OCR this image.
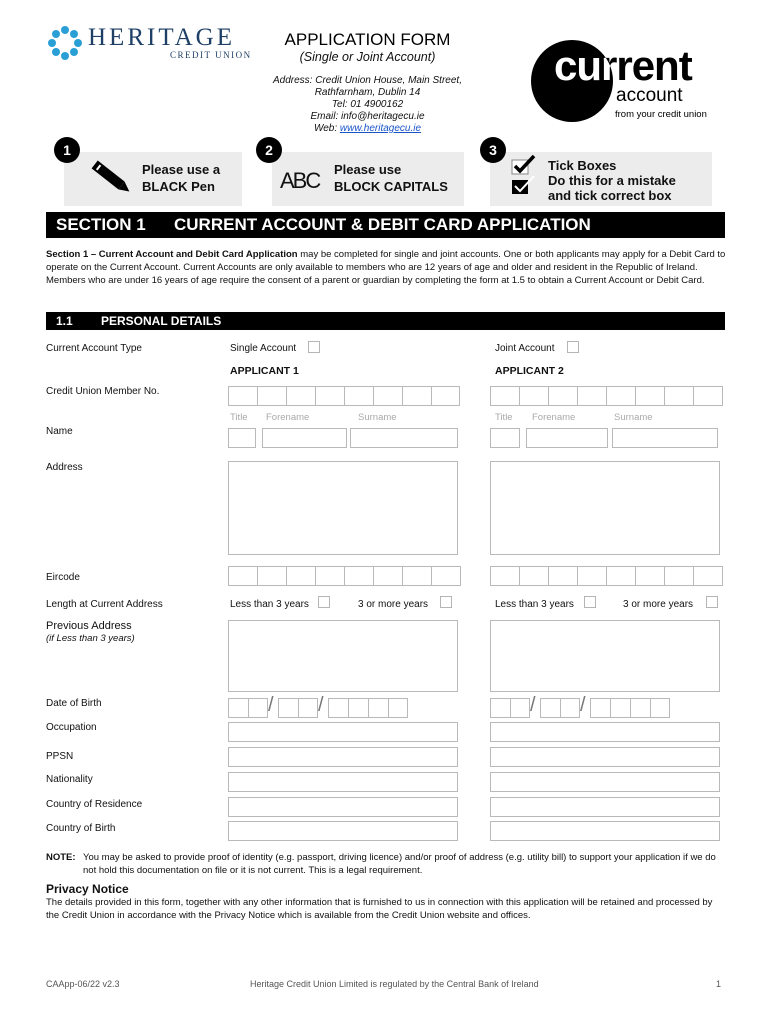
HERITAGE
CREDIT UNION
APPLICATION FORM
(Single or Joint Account)
Address: Credit Union House, Main Street,
Rathfarnham, Dublin 14
Tel: 01 4900162
Email: info@heritagecu.ie
Web: www.heritagecu.ie
current
account
from your credit union
1
Please use a
BLACK Pen
2
ABC Please use
BLOCK CAPITALS
3
Tick Boxes
Do this for a mistake
and tick correct box
SECTION 1 CURRENT ACCOUNT & DEBIT CARD APPLICATION
Section 1 – Current Account and Debit Card Application may be completed for single and joint accounts. One or both applicants may apply for a Debit Card to operate on the Current Account. Current Accounts are only available to members who are 12 years of age and older and resident in the Republic of Ireland. Members who are under 16 years of age require the consent of a parent or guardian by completing the form at 1.5 to obtain a Current Account or Debit Card.
1.1 PERSONAL DETAILS
Current Account Type	Single Account	Joint Account
APPLICANT 1	APPLICANT 2
Credit Union Member No.
Title Forename	Surname	Title Forename	Surname
Name
Address
Eircode
Length at Current Address	Less than 3 years	3 or more years	Less than 3 years	3 or more years
Previous Address
(if Less than 3 years)
Date of Birth	/ /	/ /
Occupation
PPSN
Nationality
Country of Residence
Country of Birth
NOTE: You may be asked to provide proof of identity (e.g. passport, driving licence) and/or proof of address (e.g. utility bill) to support your application if we do not hold this documentation on file or it is not current. This is a legal requirement.
Privacy Notice
The details provided in this form, together with any other information that is furnished to us in connection with this application will be retained and processed by the Credit Union in accordance with the Privacy Notice which is available from the Credit Union website and offices.
CAApp-06/22 v2.3	Heritage Credit Union Limited is regulated by the Central Bank of Ireland	1
